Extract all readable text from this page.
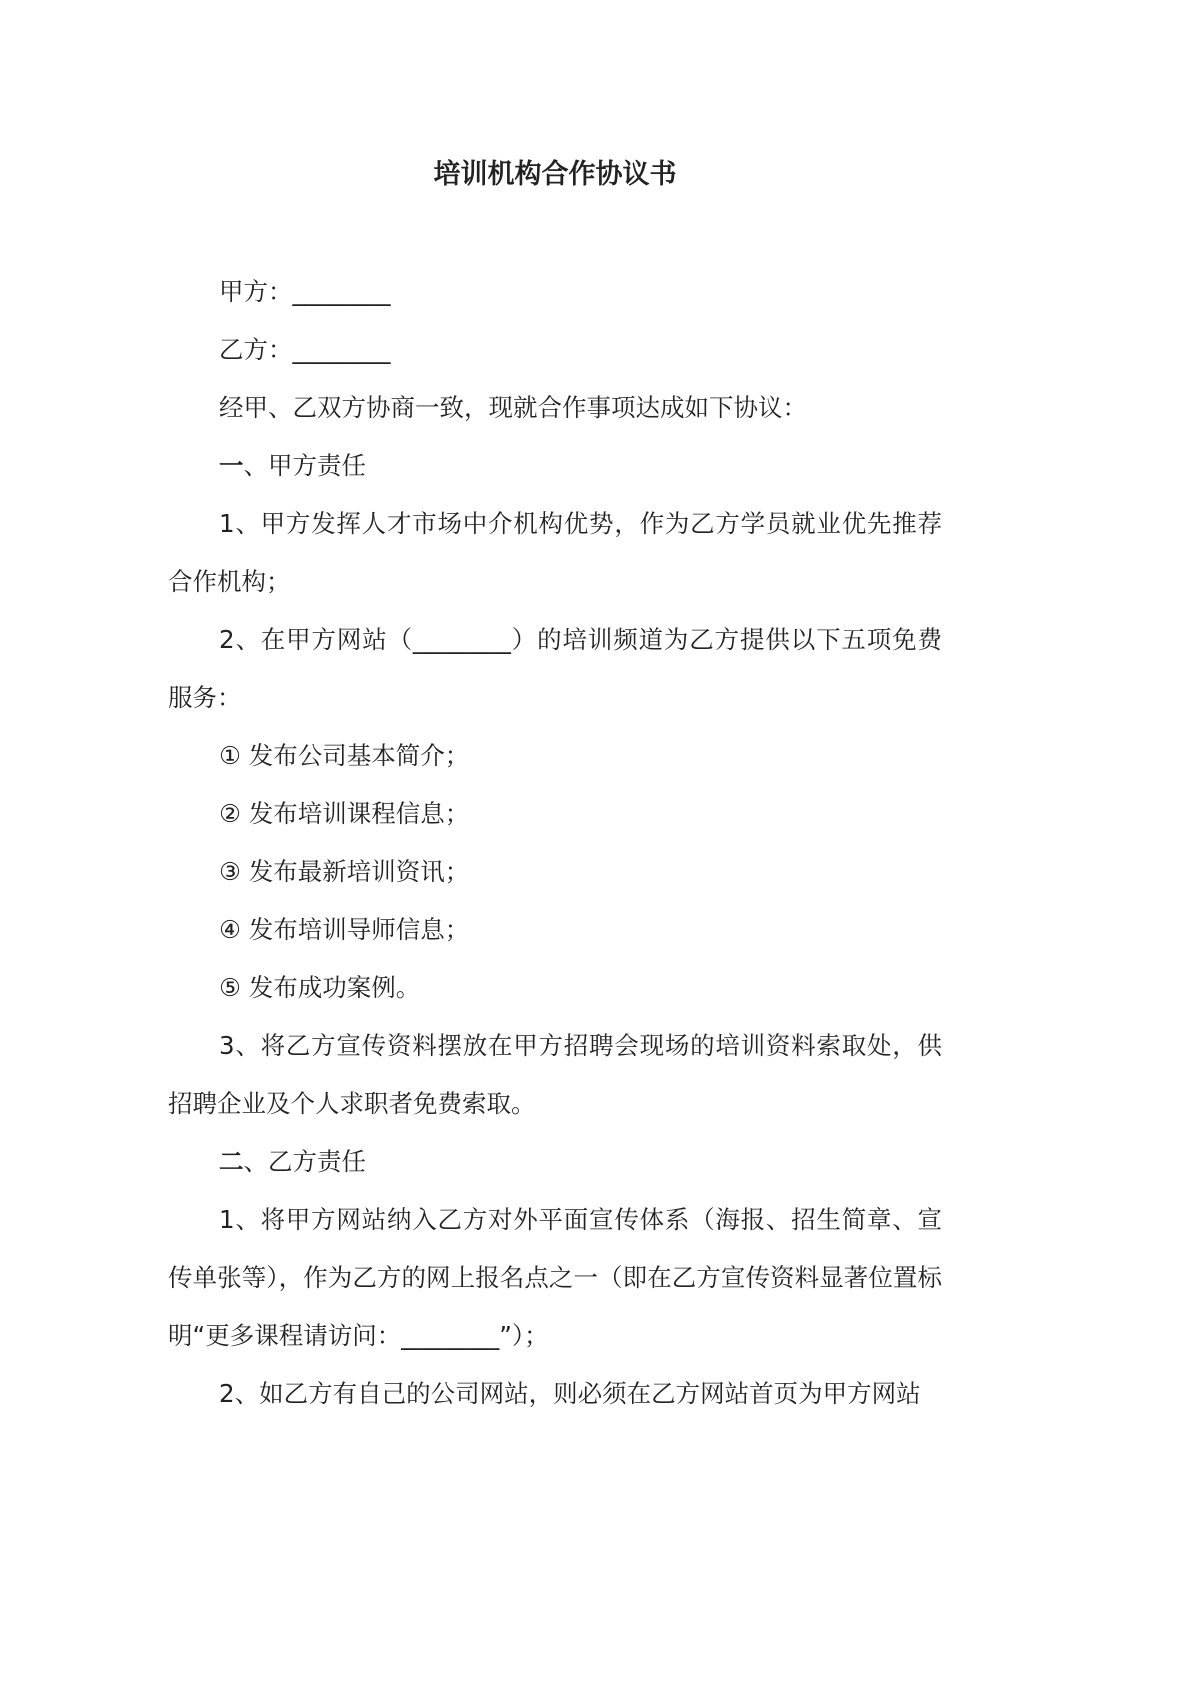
培训机构合作协议书

甲方：________

乙方：________

经甲、乙双方协商一致，现就合作事项达成如下协议：

一、甲方责任

1、甲方发挥人才市场中介机构优势，作为乙方学员就业优先推荐合作机构；

2、在甲方网站（________）的培训频道为乙方提供以下五项免费服务：

① 发布公司基本简介；

② 发布培训课程信息；

③ 发布最新培训资讯；

④ 发布培训导师信息；

⑤ 发布成功案例。

3、将乙方宣传资料摆放在甲方招聘会现场的培训资料索取处，供招聘企业及个人求职者免费索取。

二、乙方责任

1、将甲方网站纳入乙方对外平面宣传体系（海报、招生简章、宣传单张等），作为乙方的网上报名点之一（即在乙方宣传资料显著位置标明“更多课程请访问：________”）；

2、如乙方有自己的公司网站，则必须在乙方网站首页为甲方网站
